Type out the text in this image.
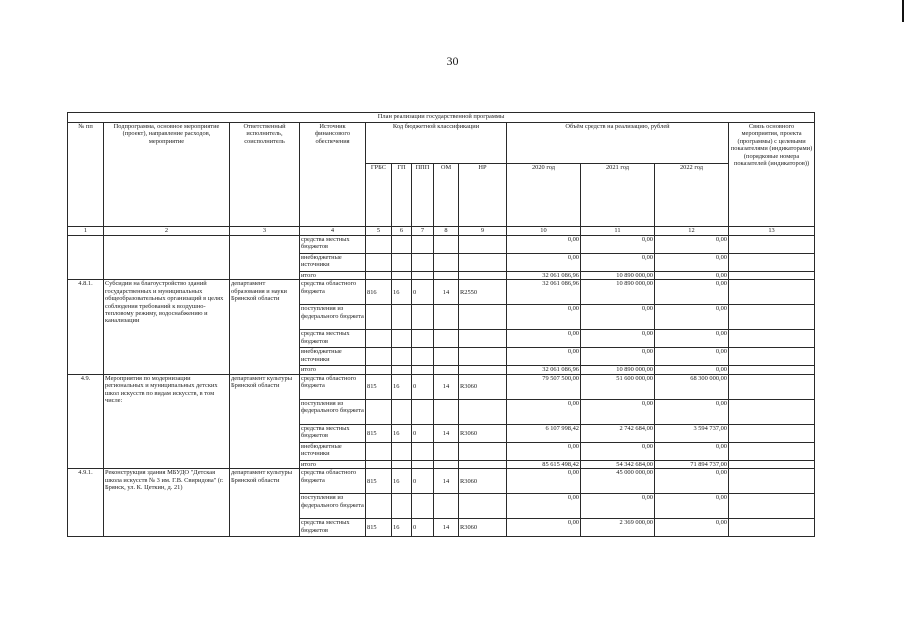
30
План реализации государственной программы												
№ пп	Подпрограмма, основное мероприятие (проект), направление расходов, мероприятие	Ответственный исполнитель, соисполнитель	Источник финансового обеспечения	Код бюджетной классификации					Объём средств на реализацию, рублей			Связь основного мероприятия, проекта (программы) с целевыми показателями (индикаторами) (порядковые номера показателей (индикаторов))
				ГРБС	ГП	ППП	ОМ	НР	2020 год	2021 год	2022 год	
1	2	3	4	5	6	7	8	9	10	11	12	13
			средства местных бюджетов						0,00	0,00	0,00	
			внебюджетные источники						0,00	0,00	0,00	
			итого						32 061 086,96	10 890 000,00	0,00	
4.8.1.	Субсидии на благоустройство зданий государственных и муниципальных общеобразовательных организаций в целях соблюдения требований к воздушно-тепловому режиму, водоснабжению и канализации	департамент образования и науки Брянской области	средства областного бюджета	816	16	0	14	R2550	32 061 086,96	10 890 000,00	0,00	
			поступления из федерального бюджета						0,00	0,00	0,00	
			средства местных бюджетов						0,00	0,00	0,00	
			внебюджетные источники						0,00	0,00	0,00	
			итого						32 061 086,96	10 890 000,00	0,00	
4.9.	Мероприятия по модернизации региональных и муниципальных детских школ искусств по видам искусств, в том числе:	департамент культуры Брянской области	средства областного бюджета	815	16	0	14	R3060	79 507 500,00	51 600 000,00	68 300 000,00	
			поступления из федерального бюджета						0,00	0,00	0,00	
			средства местных бюджетов	815	16	0	14	R3060	6 107 998,42	2 742 684,00	3 594 737,00	
			внебюджетные источники						0,00	0,00	0,00	
			итого						85 615 498,42	54 342 684,00	71 894 737,00	
4.9.1.	Реконструкция здания МБУДО "Детская школа искусств № 3 им. Г.В. Свиридова" (г. Брянск, ул. К. Цеткин, д. 21)	департамент культуры Брянской области	средства областного бюджета	815	16	0	14	R3060	0,00	45 000 000,00	0,00	
			поступления из федерального бюджета						0,00	0,00	0,00	
			средства местных бюджетов	815	16	0	14	R3060	0,00	2 369 000,00	0,00	
